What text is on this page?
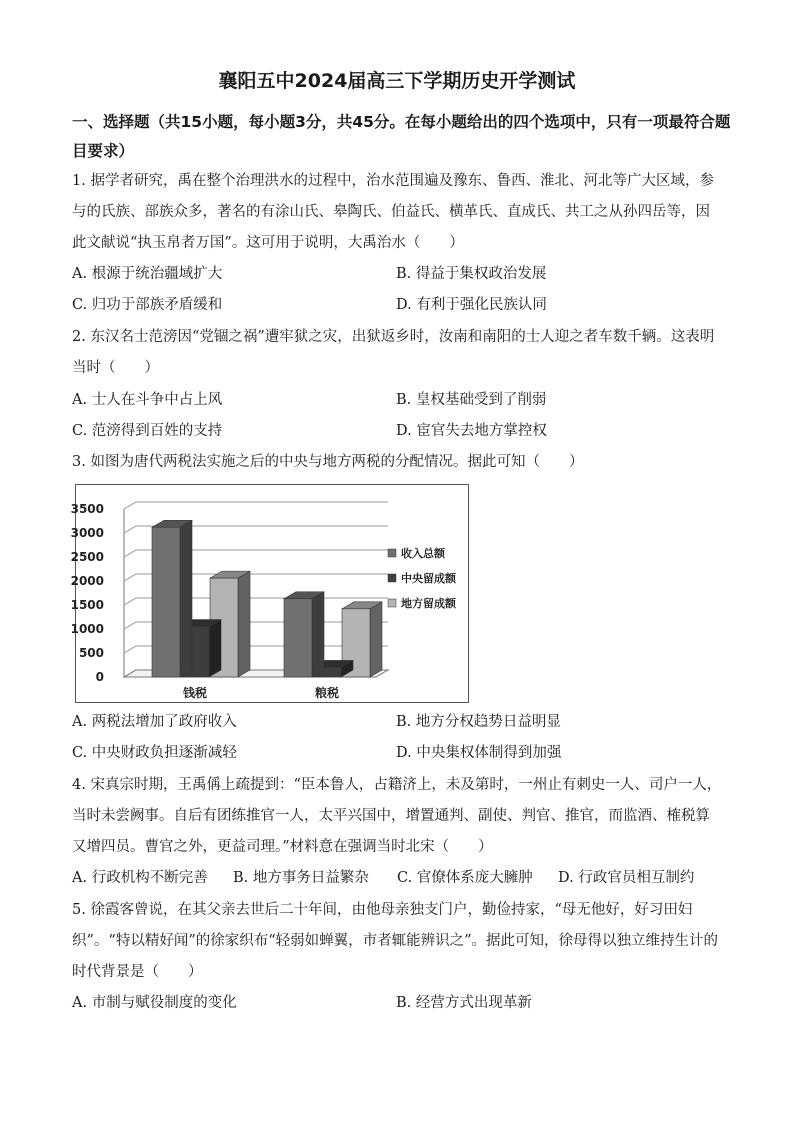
襄阳五中2024届高三下学期历史开学测试
一、选择题（共15小题，每小题3分，共45分。在每小题给出的四个选项中，只有一项最符合题目要求）
1. 据学者研究，禹在整个治理洪水的过程中，治水范围遍及豫东、鲁西、淮北、河北等广大区域，参与的氏族、部族众多，著名的有涂山氏、皋陶氏、伯益氏、横革氏、直成氏、共工之从孙四岳等，因此文献说“执玉帛者万国”。这可用于说明，大禹治水（　　）
A. 根源于统治疆域扩大	B. 得益于集权政治发展
C. 归功于部族矛盾缓和	D. 有利于强化民族认同
2. 东汉名士范滂因“党锢之祸”遭牢狱之灾，出狱返乡时，汝南和南阳的士人迎之者车数千辆。这表明当时（　　）
A. 士人在斗争中占上风	B. 皇权基础受到了削弱
C. 范滂得到百姓的支持	D. 宦官失去地方掌控权
3. 如图为唐代两税法实施之后的中央与地方两税的分配情况。据此可知（　　）
3500
3000
2500
2000
1500
1000
500
0
钱税	粮税
收入总额
中央留成额
地方留成额
A. 两税法增加了政府收入	B. 地方分权趋势日益明显
C. 中央财政负担逐渐减轻	D. 中央集权体制得到加强
4. 宋真宗时期，王禹偁上疏提到：“臣本鲁人，占籍济上，未及第时，一州止有刺史一人、司户一人，当时未尝阙事。自后有团练推官一人，太平兴国中，增置通判、副使、判官、推官，而监酒、榷税算又增四员。曹官之外，更益司理。”材料意在强调当时北宋（　　）
A. 行政机构不断完善 B. 地方事务日益繁杂 C. 官僚体系庞大臃肿 D. 行政官员相互制约
5. 徐霞客曾说，在其父亲去世后二十年间，由他母亲独支门户，勤俭持家，“母无他好，好习田妇织”。“特以精好闻”的徐家织布“轻弱如蝉翼，市者辄能辨识之”。据此可知，徐母得以独立维持生计的时代背景是（　　）
A. 市制与赋役制度的变化	B. 经营方式出现革新
